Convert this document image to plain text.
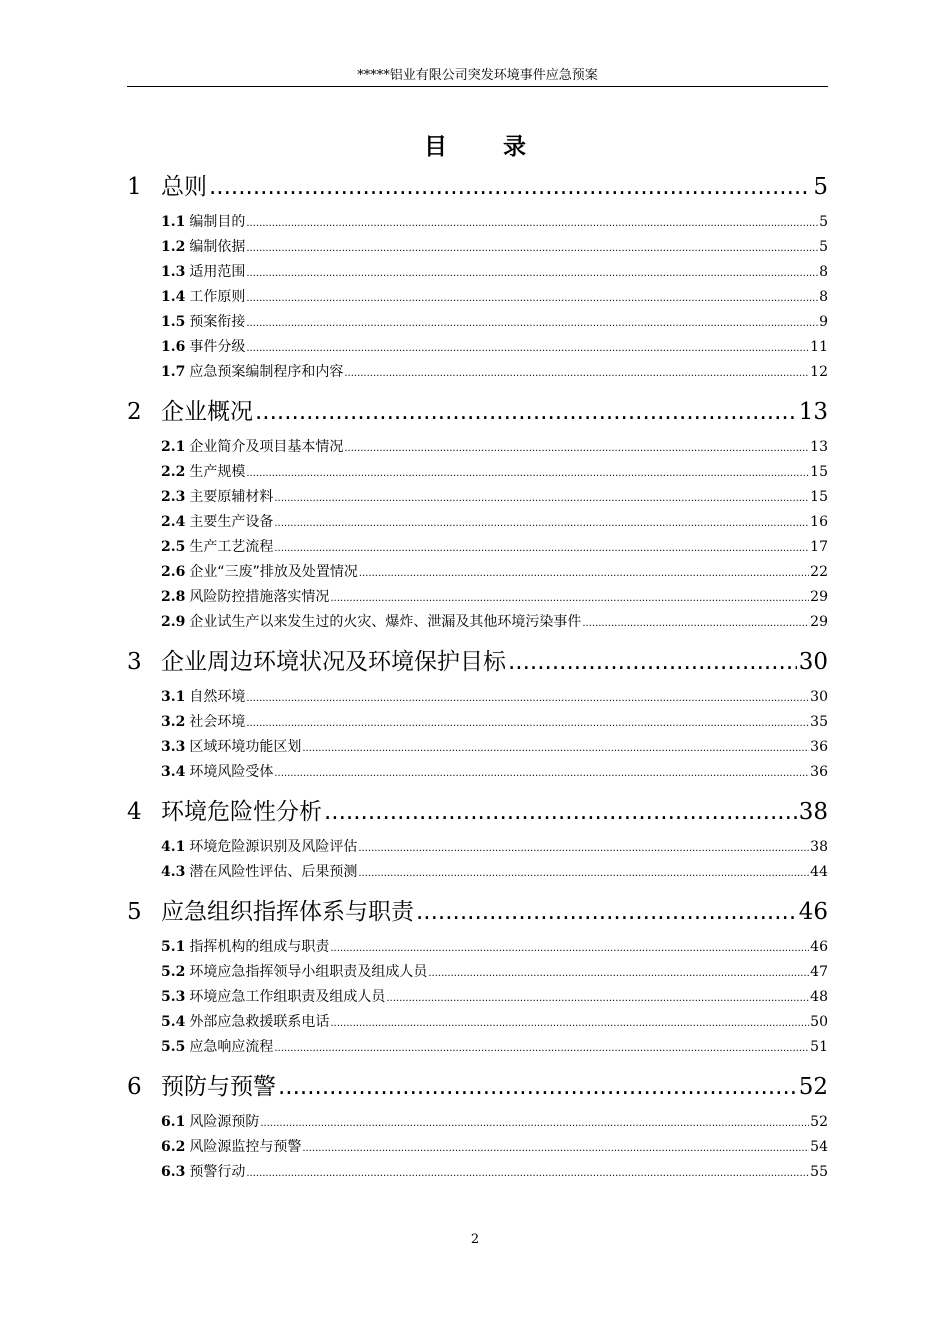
*****铝业有限公司突发环境事件应急预案
目 录
1 总则 .....	5
1.1 编制目的 .....	5
1.2 编制依据 .....	5
1.3 适用范围 .....	8
1.4 工作原则 .....	8
1.5 预案衔接 .....	9
1.6 事件分级 .....	11
1.7 应急预案编制程序和内容 .....	12
2 企业概况 .....	13
2.1 企业简介及项目基本情况 .....	13
2.2 生产规模 .....	15
2.3 主要原辅材料 .....	15
2.4 主要生产设备 .....	16
2.5 生产工艺流程 .....	17
2.6 企业“三废”排放及处置情况 .....	22
2.8 风险防控措施落实情况 .....	29
2.9 企业试生产以来发生过的火灾、爆炸、泄漏及其他环境污染事件 .....	29
3 企业周边环境状况及环境保护目标 .....	30
3.1 自然环境 .....	30
3.2 社会环境 .....	35
3.3 区域环境功能区划 .....	36
3.4 环境风险受体 .....	36
4 环境危险性分析 .....	38
4.1 环境危险源识别及风险评估 .....	38
4.3 潜在风险性评估、后果预测 .....	44
5 应急组织指挥体系与职责 .....	46
5.1 指挥机构的组成与职责 .....	46
5.2 环境应急指挥领导小组职责及组成人员 .....	47
5.3 环境应急工作组职责及组成人员 .....	48
5.4 外部应急救援联系电话 .....	50
5.5 应急响应流程 .....	51
6 预防与预警 .....	52
6.1 风险源预防 .....	52
6.2 风险源监控与预警 .....	54
6.3 预警行动 .....	55
2
